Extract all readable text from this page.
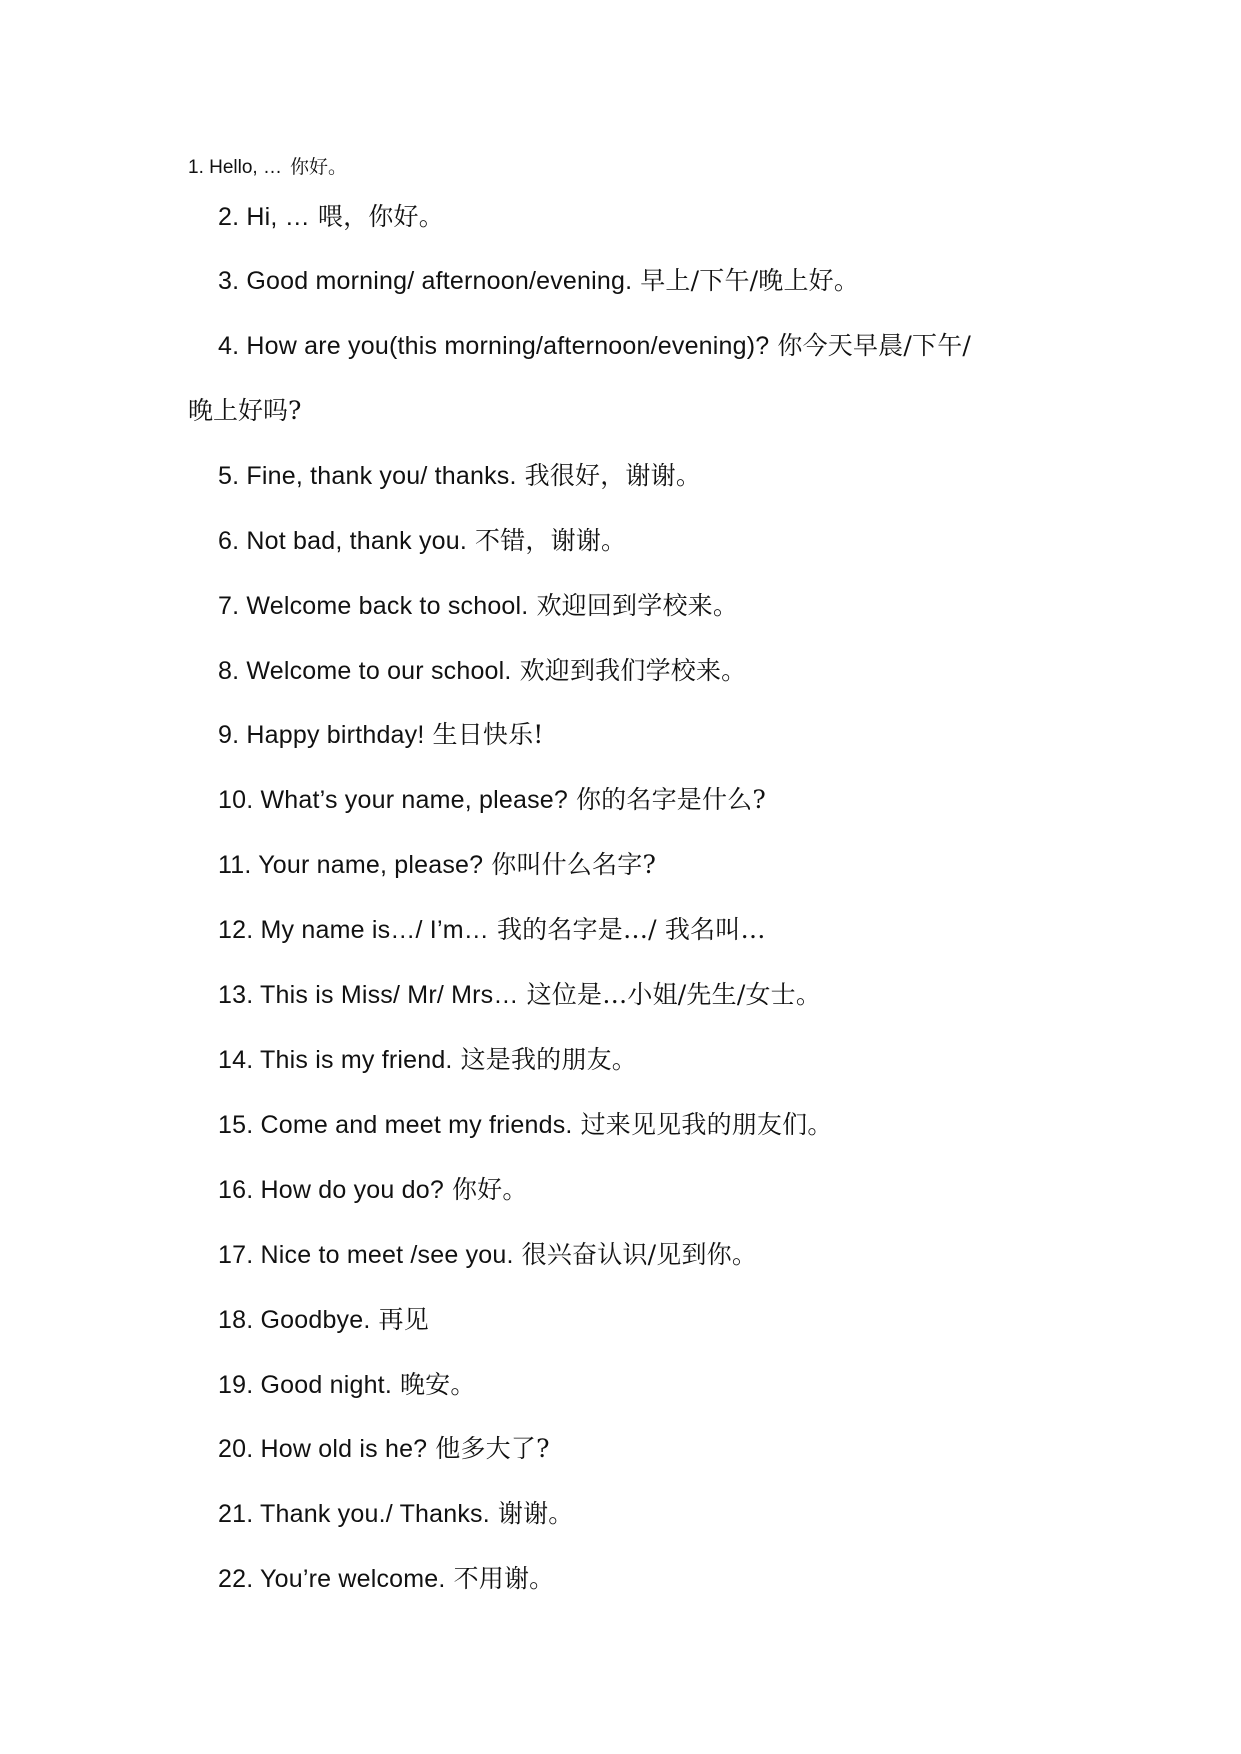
1. Hello, … 你好。
2. Hi, … 喂，你好。
3. Good morning/ afternoon/evening. 早上/下午/晚上好。
4. How are you(this morning/afternoon/evening)? 你今天早晨/下午/
晚上好吗?
5. Fine, thank you/ thanks. 我很好，谢谢。
6. Not bad, thank you. 不错，谢谢。
7. Welcome back to school. 欢迎回到学校来。
8. Welcome to our school. 欢迎到我们学校来。
9. Happy birthday! 生日快乐!
10. What’s your name, please? 你的名字是什么?
11. Your name, please? 你叫什么名字?
12. My name is…/ I’m… 我的名字是…/ 我名叫…
13. This is Miss/ Mr/ Mrs… 这位是…小姐/先生/女士。
14. This is my friend. 这是我的朋友。
15. Come and meet my friends. 过来见见我的朋友们。
16. How do you do? 你好。
17. Nice to meet /see you. 很兴奋认识/见到你。
18. Goodbye. 再见
19. Good night. 晚安。
20. How old is he? 他多大了?
21. Thank you./ Thanks. 谢谢。
22. You’re welcome. 不用谢。
